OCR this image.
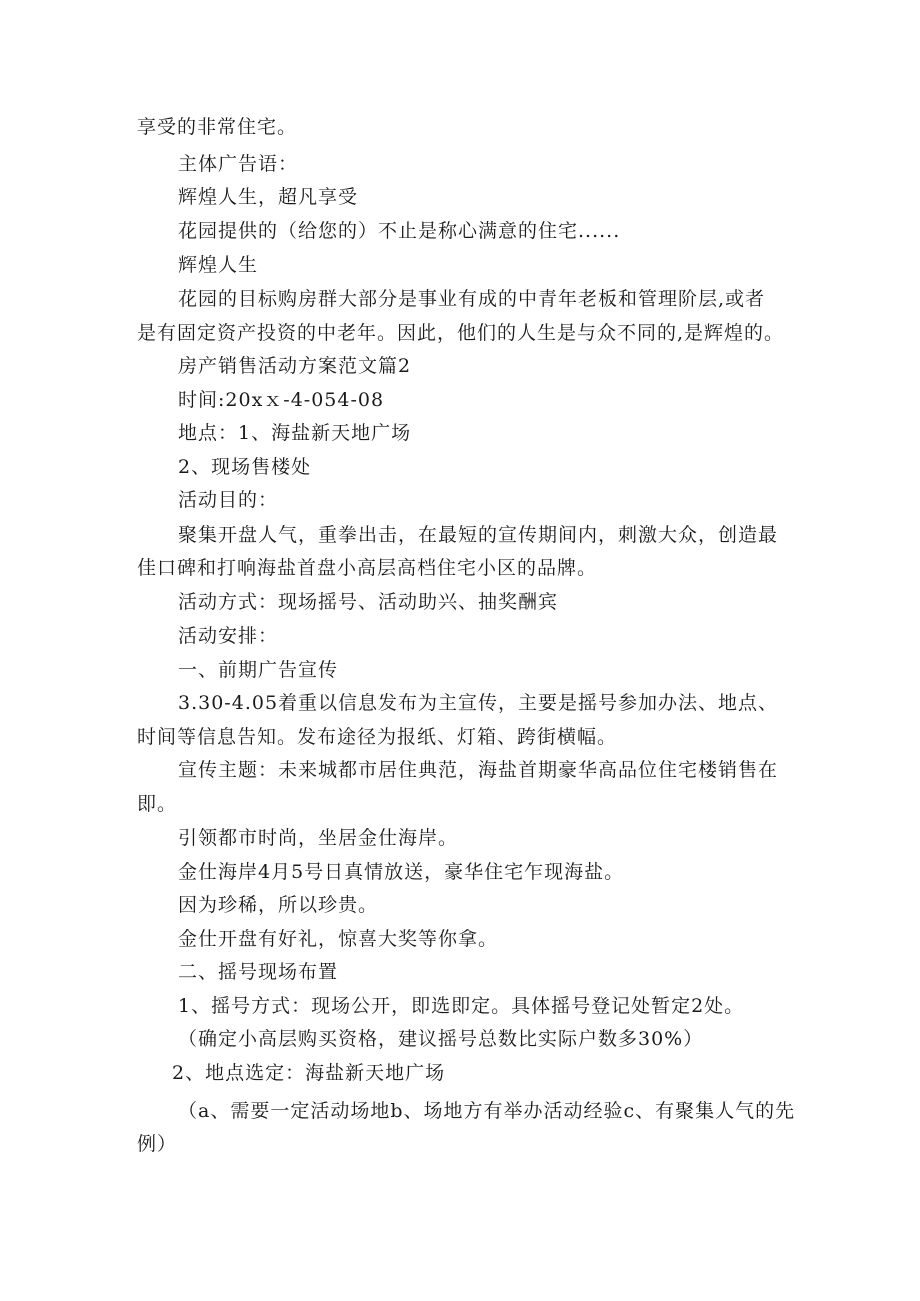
享受的非常住宅。
主体广告语：
辉煌人生，超凡享受
花园提供的（给您的）不止是称心满意的住宅......
辉煌人生
花园的目标购房群大部分是事业有成的中青年老板和管理阶层,或者
是有固定资产投资的中老年。因此，他们的人生是与众不同的,是辉煌的。
房产销售活动方案范文篇2
时间:20xｘ-4-054-08
地点：1、海盐新天地广场
2、现场售楼处
活动目的：
聚集开盘人气，重拳出击，在最短的宣传期间内，刺激大众，创造最
佳口碑和打响海盐首盘小高层高档住宅小区的品牌。
活动方式：现场摇号、活动助兴、抽奖酬宾
活动安排：
一、前期广告宣传
3.30-4.05着重以信息发布为主宣传，主要是摇号参加办法、地点、
时间等信息告知。发布途径为报纸、灯箱、跨街横幅。
宣传主题：未来城都市居住典范，海盐首期豪华高品位住宅楼销售在
即。
引领都市时尚，坐居金仕海岸。
金仕海岸4月5号日真情放送，豪华住宅乍现海盐。
因为珍稀，所以珍贵。
金仕开盘有好礼，惊喜大奖等你拿。
二、摇号现场布置
1、摇号方式：现场公开，即选即定。具体摇号登记处暂定2处。
（确定小高层购买资格，建议摇号总数比实际户数多30%）
2、地点选定：海盐新天地广场
（a、需要一定活动场地b、场地方有举办活动经验c、有聚集人气的先
例）
